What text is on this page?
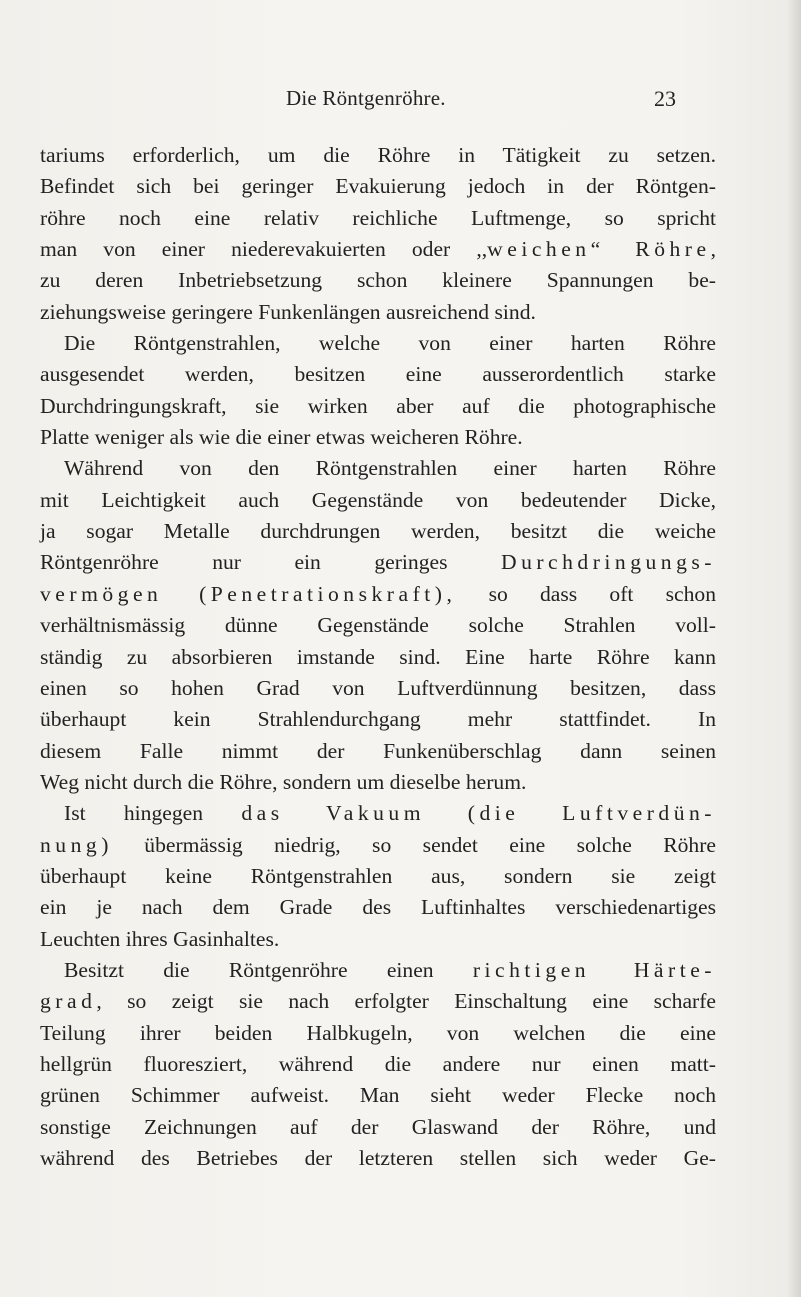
Die Röntgenröhre.	23
tariums erforderlich, um die Röhre in Tätigkeit zu setzen.
Befindet sich bei geringer Evakuierung jedoch in der Röntgen-
röhre noch eine relativ reichliche Luftmenge, so spricht
man von einer niederevakuierten oder ,,weichen“ Röhre,
zu deren Inbetriebsetzung schon kleinere Spannungen be-
ziehungsweise geringere Funkenlängen ausreichend sind.
Die Röntgenstrahlen, welche von einer harten Röhre
ausgesendet werden, besitzen eine ausserordentlich starke
Durchdringungskraft, sie wirken aber auf die photographische
Platte weniger als wie die einer etwas weicheren Röhre.
Während von den Röntgenstrahlen einer harten Röhre
mit Leichtigkeit auch Gegenstände von bedeutender Dicke,
ja sogar Metalle durchdrungen werden, besitzt die weiche
Röntgenröhre nur ein geringes Durchdringungs-
vermögen (Penetrationskraft), so dass oft schon
verhältnismässig dünne Gegenstände solche Strahlen voll-
ständig zu absorbieren imstande sind. Eine harte Röhre kann
einen so hohen Grad von Luftverdünnung besitzen, dass
überhaupt kein Strahlendurchgang mehr stattfindet. In
diesem Falle nimmt der Funkenüberschlag dann seinen
Weg nicht durch die Röhre, sondern um dieselbe herum.
Ist hingegen das Vakuum (die Luftverdün-
nung) übermässig niedrig, so sendet eine solche Röhre
überhaupt keine Röntgenstrahlen aus, sondern sie zeigt
ein je nach dem Grade des Luftinhaltes verschiedenartiges
Leuchten ihres Gasinhaltes.
Besitzt die Röntgenröhre einen richtigen Härte-
grad, so zeigt sie nach erfolgter Einschaltung eine scharfe
Teilung ihrer beiden Halbkugeln, von welchen die eine
hellgrün fluoresziert, während die andere nur einen matt-
grünen Schimmer aufweist. Man sieht weder Flecke noch
sonstige Zeichnungen auf der Glaswand der Röhre, und
während des Betriebes der letzteren stellen sich weder Ge-
